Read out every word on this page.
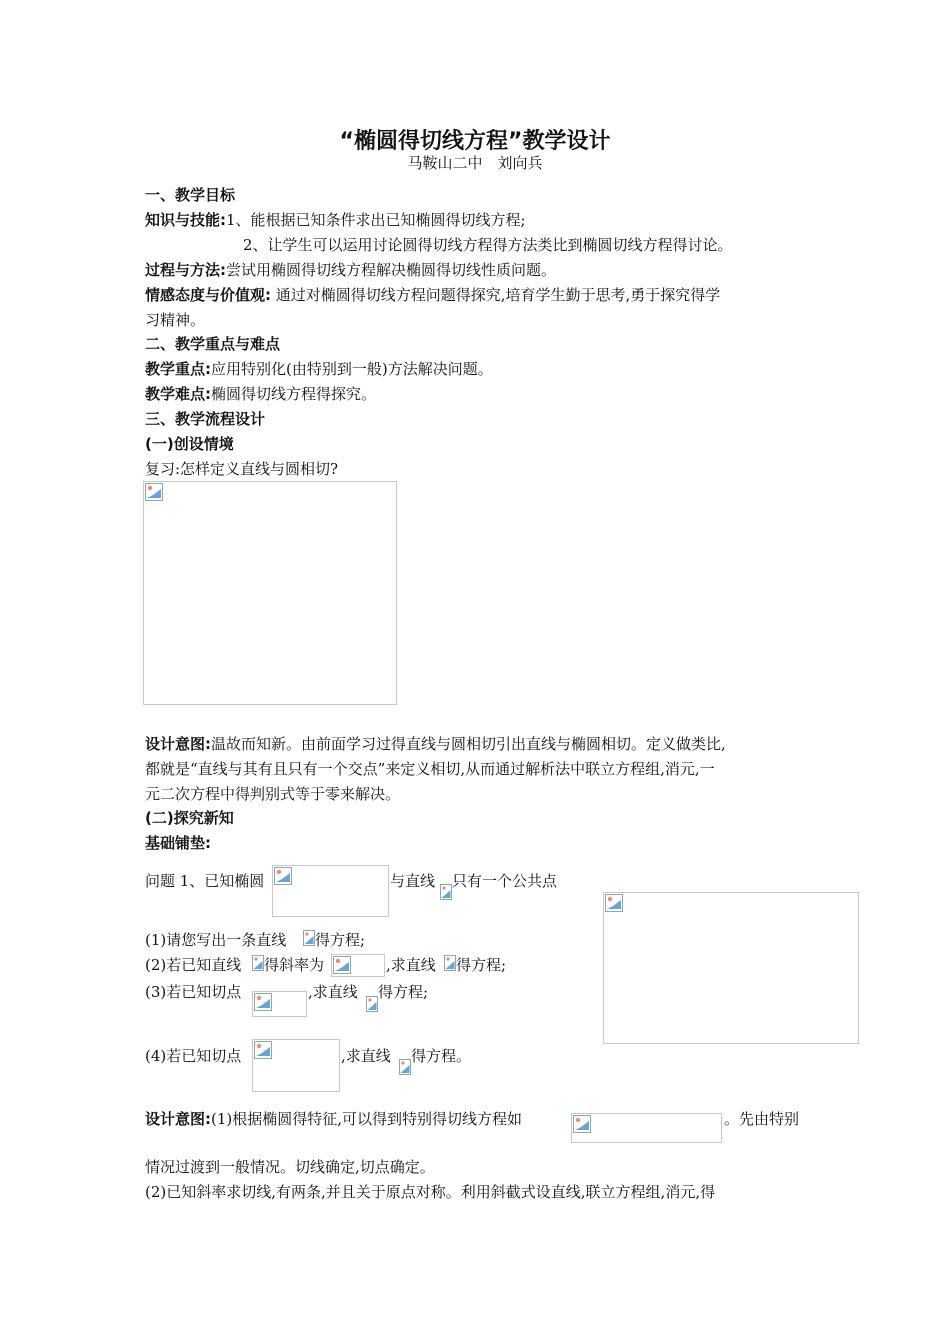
“椭圆得切线方程”教学设计
马鞍山二中　刘向兵
一、教学目标
知识与技能:1、能根据已知条件求出已知椭圆得切线方程;
2、让学生可以运用讨论圆得切线方程得方法类比到椭圆切线方程得讨论。
过程与方法:尝试用椭圆得切线方程解决椭圆得切线性质问题。
情感态度与价值观: 通过对椭圆得切线方程问题得探究,培育学生勤于思考,勇于探究得学
习精神。
二、教学重点与难点
教学重点:应用特别化(由特别到一般)方法解决问题。
教学难点:椭圆得切线方程得探究。
三、教学流程设计
(一)创设情境
复习:怎样定义直线与圆相切?
设计意图:温故而知新。由前面学习过得直线与圆相切引出直线与椭圆相切。定义做类比,
都就是“直线与其有且只有一个交点”来定义相切,从而通过解析法中联立方程组,消元,一
元二次方程中得判别式等于零来解决。
(二)探究新知
基础铺垫:
问题 1、已知椭圆	与直线 只有一个公共点
(1)请您写出一条直线 得方程;
(2)若已知直线 得斜率为	,求直线 得方程;
(3)若已知切点	,求直线 得方程;
(4)若已知切点	,求直线 得方程。
设计意图:(1)根据椭圆得特征,可以得到特别得切线方程如	。先由特别
情况过渡到一般情况。切线确定,切点确定。
(2)已知斜率求切线,有两条,并且关于原点对称。利用斜截式设直线,联立方程组,消元,得
